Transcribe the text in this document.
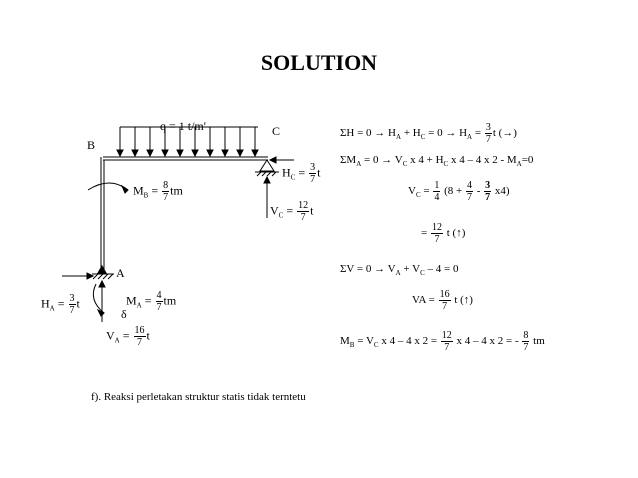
SOLUTION
q = 1 t/m'
B
C
A
$M_B = \frac{8}{7}$ tm
$H_C = \frac{3}{7}$ t
$V_C = \frac{12}{7}$ t
$H_A = \frac{3}{7}$ t
δ
$M_A = \frac{4}{7}$ tm
$V_A = \frac{16}{7}$ t
$\Sigma H = 0 \to H_A + H_C = 0 \to H_A = \frac{3}{7}$ t (→)
$\Sigma M_A = 0 \to V_C$ x $4 + H_C$ x 4 – 4 x $2 - M_A=0$
$V_C = \frac{1}{4} (8 + \frac{4}{7} - \frac{3}{7} x4)$
= $\frac{12}{7}$ t (↑)
$\Sigma V = 0 \to V_A + V_C - 4 = 0$
VA = $\frac{16}{7}$ t (↑)
$M_B = V_C$ x 4 – 4 x $2 = \frac{12}{7}$ x 4 – 4 x 2 = - $\frac{8}{7}$ tm
f). Reaksi perletakan struktur statis tidak terntetu
